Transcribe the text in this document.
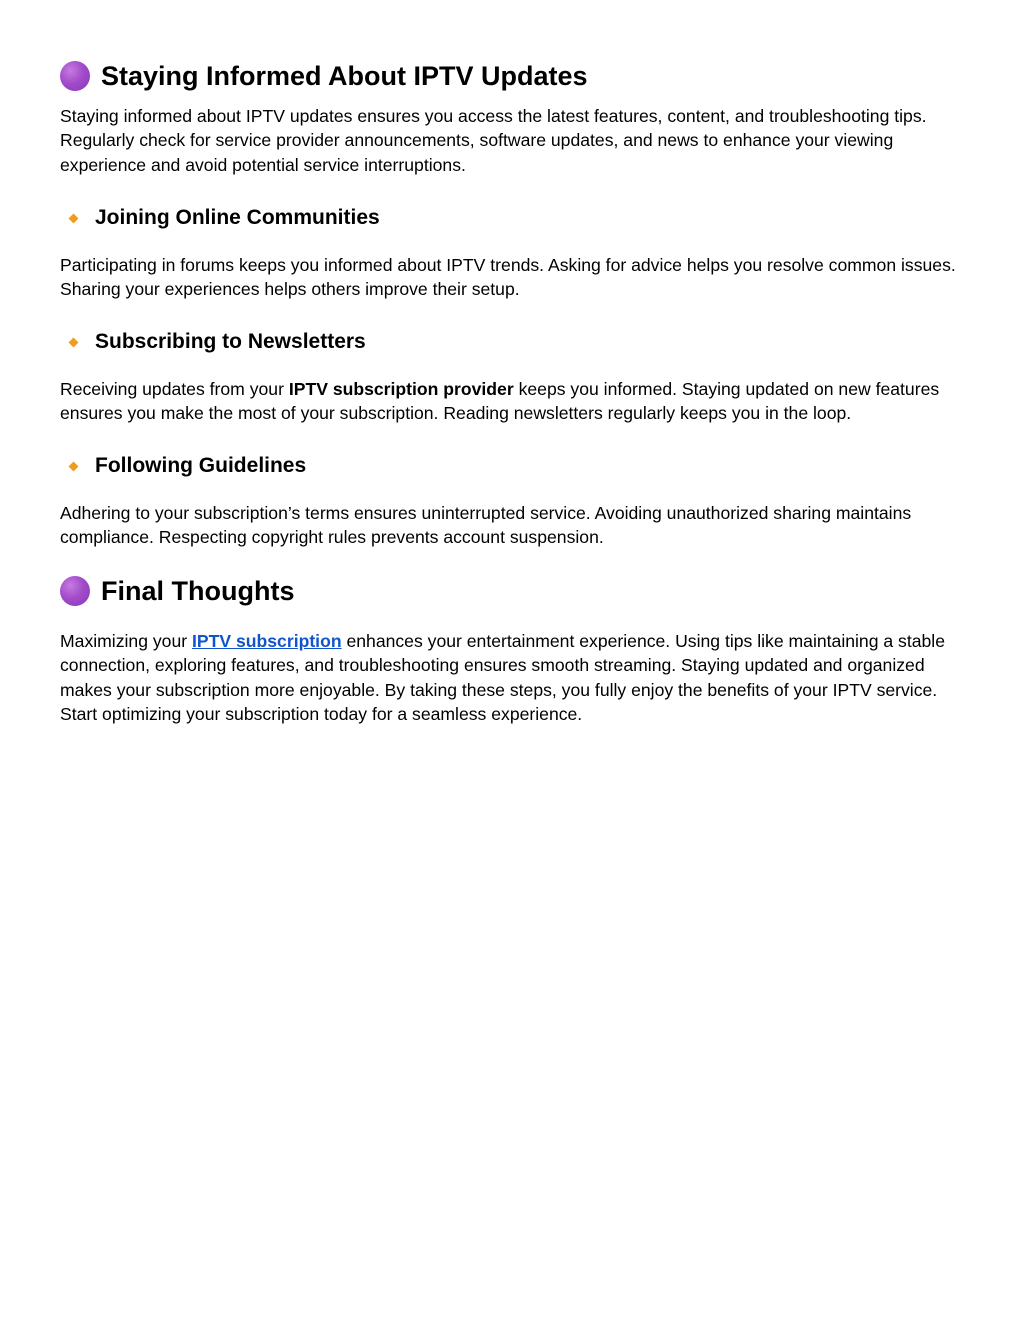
Staying Informed About IPTV Updates

Staying informed about IPTV updates ensures you access the latest features, content, and troubleshooting tips. Regularly check for service provider announcements, software updates, and news to enhance your viewing experience and avoid potential service interruptions.

Joining Online Communities

Participating in forums keeps you informed about IPTV trends. Asking for advice helps you resolve common issues. Sharing your experiences helps others improve their setup.

Subscribing to Newsletters

Receiving updates from your IPTV subscription provider keeps you informed. Staying updated on new features ensures you make the most of your subscription. Reading newsletters regularly keeps you in the loop.

Following Guidelines

Adhering to your subscription’s terms ensures uninterrupted service. Avoiding unauthorized sharing maintains compliance. Respecting copyright rules prevents account suspension.

Final Thoughts

Maximizing your IPTV subscription enhances your entertainment experience. Using tips like maintaining a stable connection, exploring features, and troubleshooting ensures smooth streaming. Staying updated and organized makes your subscription more enjoyable. By taking these steps, you fully enjoy the benefits of your IPTV service. Start optimizing your subscription today for a seamless experience.
